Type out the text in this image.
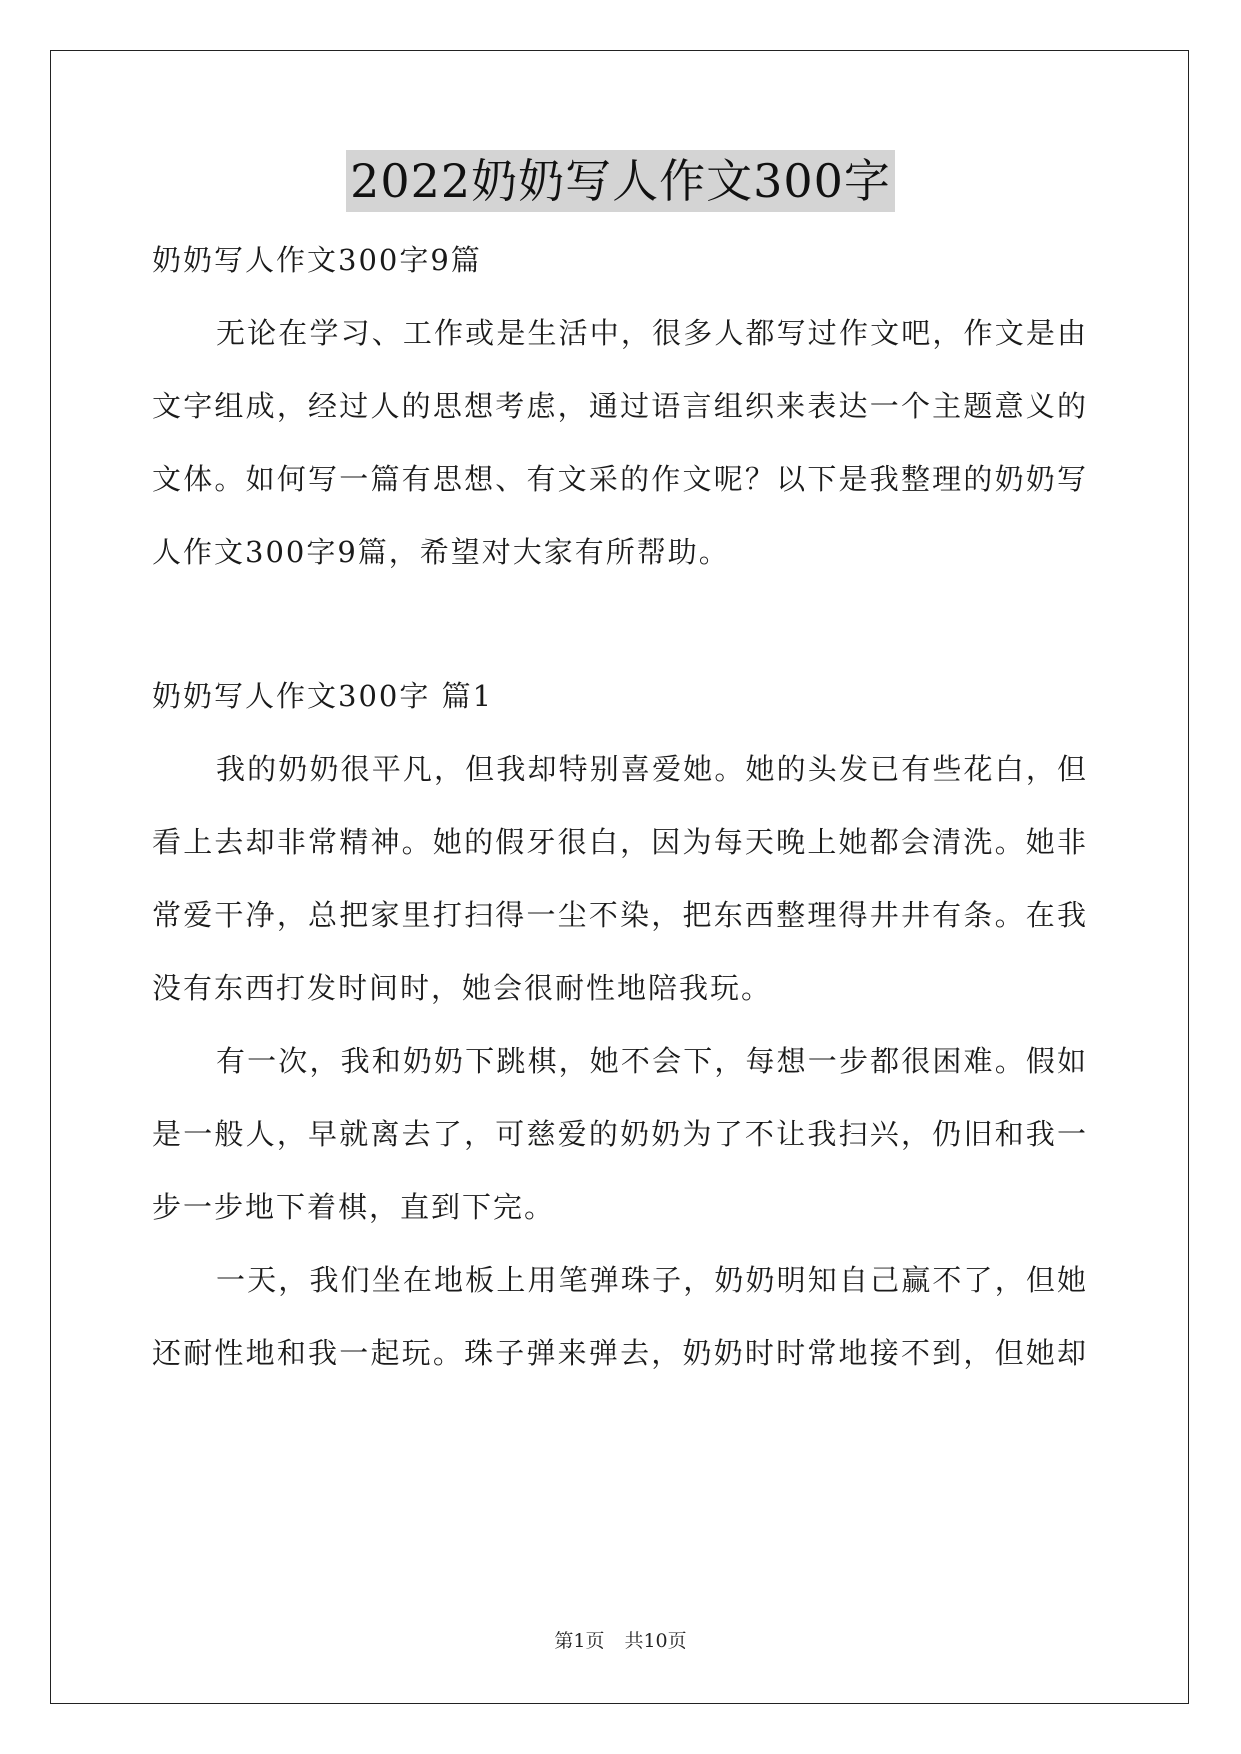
2022奶奶写人作文300字
奶奶写人作文300字9篇
无论在学习、工作或是生活中，很多人都写过作文吧，作文是由
文字组成，经过人的思想考虑，通过语言组织来表达一个主题意义的
文体。如何写一篇有思想、有文采的作文呢？以下是我整理的奶奶写
人作文300字9篇，希望对大家有所帮助。
奶奶写人作文300字 篇1
我的奶奶很平凡，但我却特别喜爱她。她的头发已有些花白，但
看上去却非常精神。她的假牙很白，因为每天晚上她都会清洗。她非
常爱干净，总把家里打扫得一尘不染，把东西整理得井井有条。在我
没有东西打发时间时，她会很耐性地陪我玩。
有一次，我和奶奶下跳棋，她不会下，每想一步都很困难。假如
是一般人，早就离去了，可慈爱的奶奶为了不让我扫兴，仍旧和我一
步一步地下着棋，直到下完。
一天，我们坐在地板上用笔弹珠子，奶奶明知自己赢不了，但她
还耐性地和我一起玩。珠子弹来弹去，奶奶时时常地接不到，但她却
第1页 共10页
